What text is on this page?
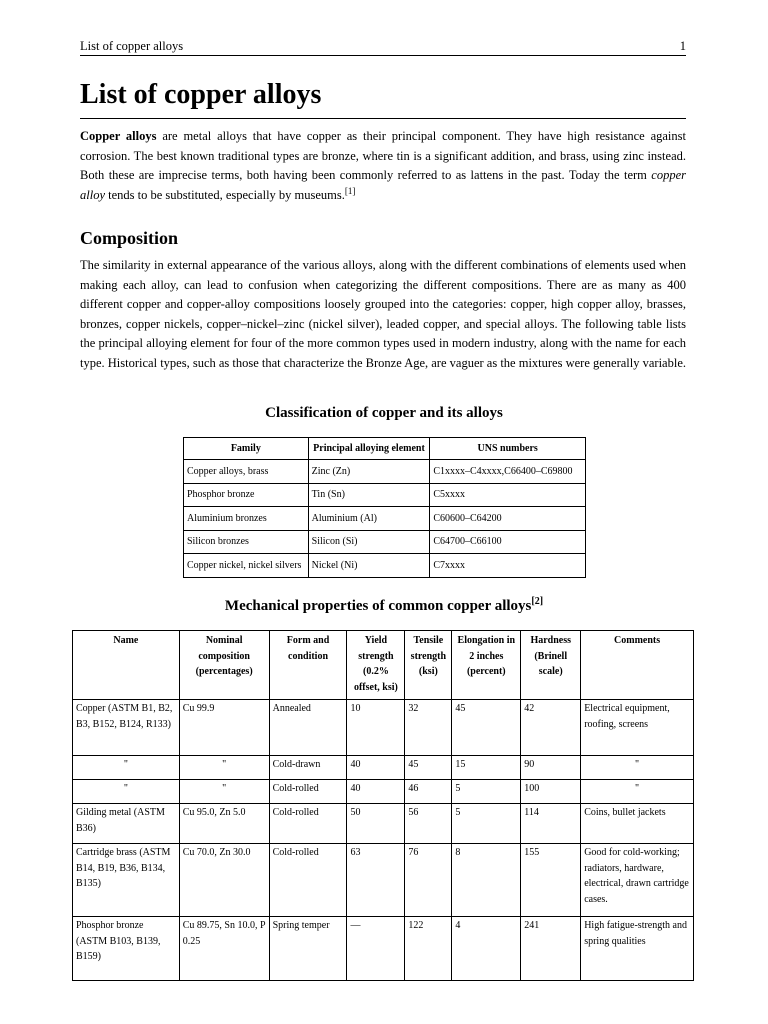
List of copper alloys	1
List of copper alloys

Copper alloys are metal alloys that have copper as their principal component. They have high resistance against corrosion. The best known traditional types are bronze, where tin is a significant addition, and brass, using zinc instead. Both these are imprecise terms, both having been commonly referred to as lattens in the past. Today the term copper alloy tends to be substituted, especially by museums.[1]

Composition

The similarity in external appearance of the various alloys, along with the different combinations of elements used when making each alloy, can lead to confusion when categorizing the different compositions. There are as many as 400 different copper and copper-alloy compositions loosely grouped into the categories: copper, high copper alloy, brasses, bronzes, copper nickels, copper–nickel–zinc (nickel silver), leaded copper, and special alloys. The following table lists the principal alloying element for four of the more common types used in modern industry, along with the name for each type. Historical types, such as those that characterize the Bronze Age, are vaguer as the mixtures were generally variable.

Classification of copper and its alloys
Family	Principal alloying element	UNS numbers
Copper alloys, brass	Zinc (Zn)	C1xxxx–C4xxxx,C66400–C69800
Phosphor bronze	Tin (Sn)	C5xxxx
Aluminium bronzes	Aluminium (Al)	C60600–C64200
Silicon bronzes	Silicon (Si)	C64700–C66100
Copper nickel, nickel silvers	Nickel (Ni)	C7xxxx
Mechanical properties of common copper alloys[2]
Name	Nominal composition (percentages)	Form and condition	Yield strength (0.2% offset, ksi)	Tensile strength (ksi)	Elongation in 2 inches (percent)	Hardness (Brinell scale)	Comments
Copper (ASTM B1, B2, B3, B152, B124, R133)	Cu 99.9	Annealed	10	32	45	42	Electrical equipment, roofing, screens
"	"	Cold-drawn	40	45	15	90	"
"	"	Cold-rolled	40	46	5	100	"
Gilding metal (ASTM B36)	Cu 95.0, Zn 5.0	Cold-rolled	50	56	5	114	Coins, bullet jackets
Cartridge brass (ASTM B14, B19, B36, B134, B135)	Cu 70.0, Zn 30.0	Cold-rolled	63	76	8	155	Good for cold-working; radiators, hardware, electrical, drawn cartridge cases.
Phosphor bronze (ASTM B103, B139, B159)	Cu 89.75, Sn 10.0, P 0.25	Spring temper	—	122	4	241	High fatigue-strength and spring qualities
